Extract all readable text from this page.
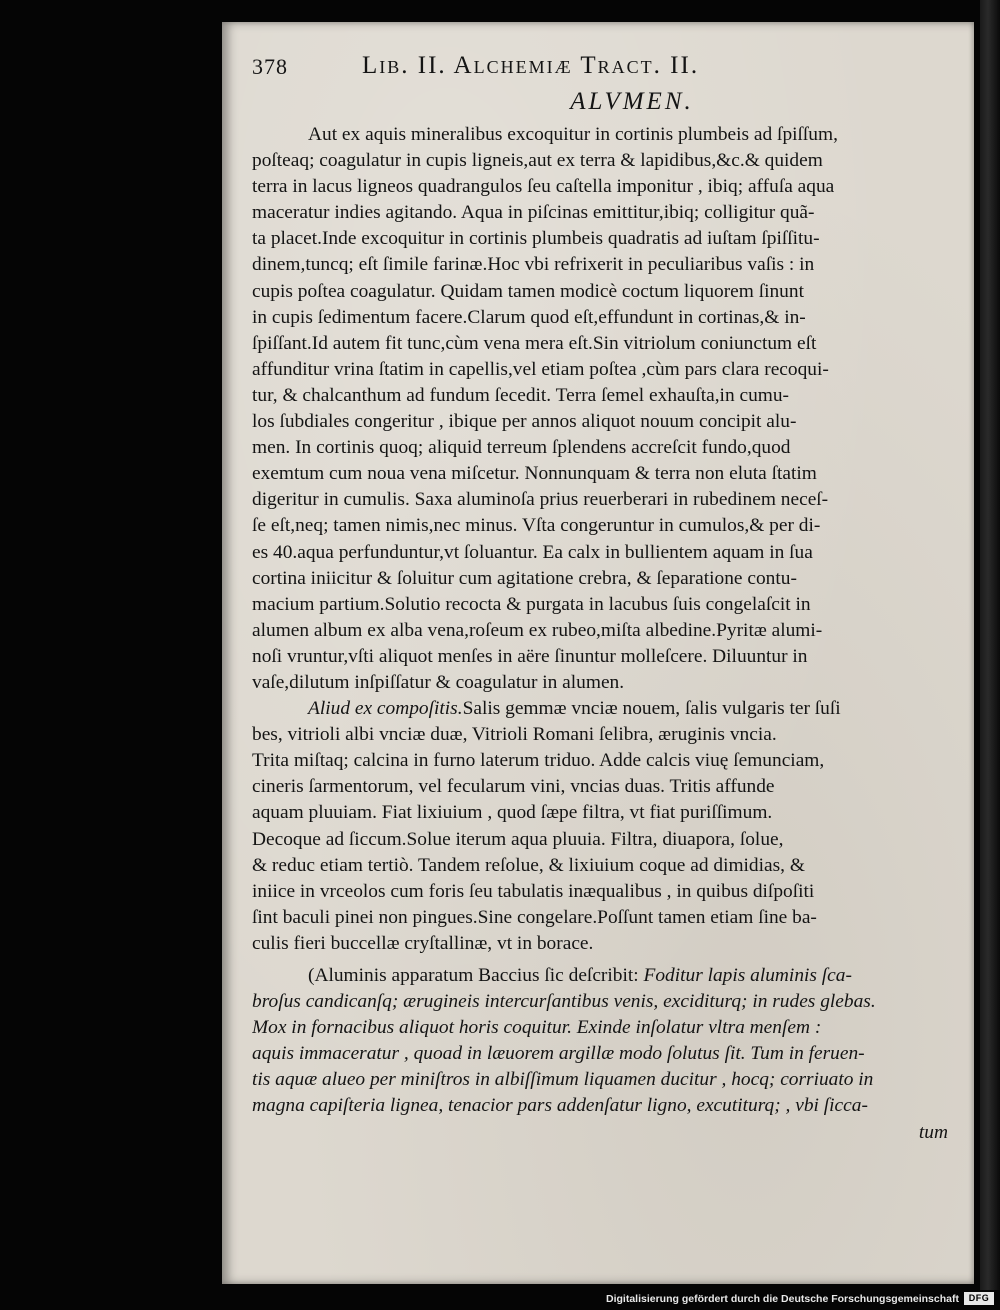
378	Lib. II. Alchemiæ Tract. II.
ALVMEN.
Aut ex aquis mineralibus excoquitur in cortinis plumbeis ad ſpiſſum,
poſteaq; coagulatur in cupis ligneis,aut ex terra & lapidibus,&c.& quidem
terra in lacus ligneos quadrangulos ſeu caſtella imponitur , ibiq; affuſa aqua
maceratur indies agitando. Aqua in piſcinas emittitur,ibiq; colligitur quã-
ta placet.Inde excoquitur in cortinis plumbeis quadratis ad iuſtam ſpiſſitu-
dinem,tuncq; eſt ſimile farinæ.Hoc vbi refrixerit in peculiaribus vaſis : in
cupis poſtea coagulatur. Quidam tamen modicè coctum liquorem ſinunt
in cupis ſedimentum facere.Clarum quod eſt,effundunt in cortinas,& in-
ſpiſſant.Id autem fit tunc,cùm vena mera eſt.Sin vitriolum coniunctum eſt
affunditur vrina ſtatim in capellis,vel etiam poſtea ,cùm pars clara recoqui-
tur, & chalcanthum ad fundum ſecedit. Terra ſemel exhauſta,in cumu-
los ſubdiales congeritur , ibique per annos aliquot nouum concipit alu-
men. In cortinis quoq; aliquid terreum ſplendens accreſcit fundo,quod
exemtum cum noua vena miſcetur. Nonnunquam & terra non eluta ſtatim
digeritur in cumulis. Saxa aluminoſa prius reuerberari in rubedinem neceſ-
ſe eſt,neq; tamen nimis,nec minus. Vſta congeruntur in cumulos,& per di-
es 40.aqua perfunduntur,vt ſoluantur. Ea calx in bullientem aquam in ſua
cortina iniicitur & ſoluitur cum agitatione crebra, & ſeparatione contu-
macium partium.Solutio recocta & purgata in lacubus ſuis congelaſcit in
alumen album ex alba vena,roſeum ex rubeo,miſta albedine.Pyritæ alumi-
noſi vruntur,vſti aliquot menſes in aëre ſinuntur molleſcere. Diluuntur in
vaſe,dilutum inſpiſſatur & coagulatur in alumen.
Aliud ex compoſitis.Salis gemmæ vnciæ nouem, ſalis vulgaris ter ſuſi
bes, vitrioli albi vnciæ duæ, Vitrioli Romani ſelibra, æruginis vncia.
Trita miſtaq; calcina in furno laterum triduo. Adde calcis viuę ſemunciam,
cineris ſarmentorum, vel fecularum vini, vncias duas. Tritis affunde
aquam pluuiam. Fiat lixiuium , quod ſæpe filtra, vt fiat puriſſimum.
Decoque ad ſiccum.Solue iterum aqua pluuia. Filtra, diuapora, ſolue,
& reduc etiam tertiò. Tandem reſolue, & lixiuium coque ad dimidias, &
iniice in vrceolos cum foris ſeu tabulatis inæqualibus , in quibus diſpoſiti
ſint baculi pinei non pingues.Sine congelare.Poſſunt tamen etiam ſine ba-
culis fieri buccellæ cryſtallinæ, vt in borace.
(Aluminis apparatum Baccius ſic deſcribit: Foditur lapis aluminis ſca-
broſus candicanſq; ærugineis intercurſantibus venis, exciditurq; in rudes glebas.
Mox in fornacibus aliquot horis coquitur. Exinde inſolatur vltra menſem :
aquis immaceratur , quoad in læuorem argillæ modo ſolutus ſit. Tum in feruen-
tis aquæ alueo per miniſtros in albiſſimum liquamen ducitur , hocq; corriuato in
magna capiſteria lignea, tenacior pars addenſatur ligno, excutiturq; , vbi ſicca-
tum
Digitalisierung gefördert durch die Deutsche Forschungsgemeinschaft	DFG
